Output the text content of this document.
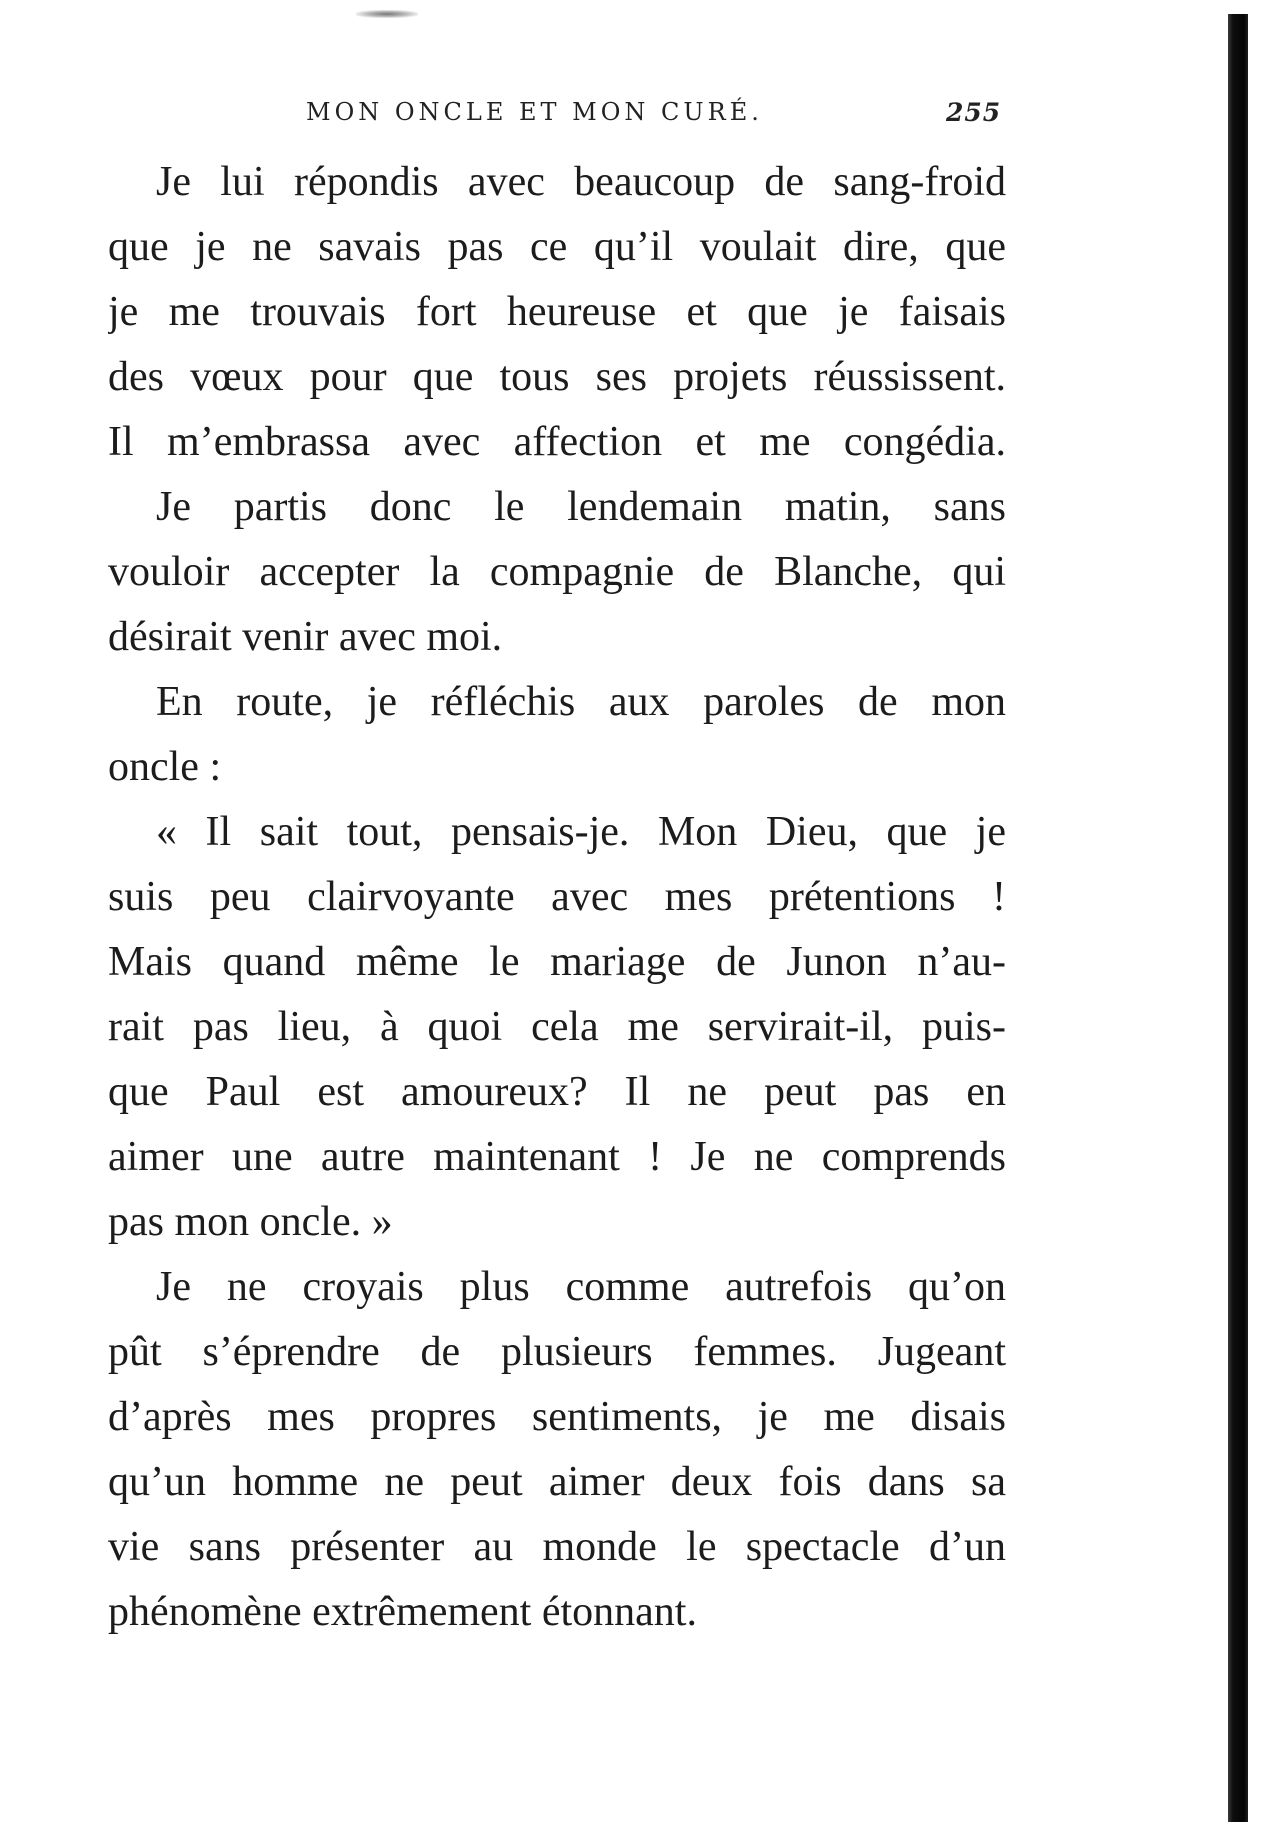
MON ONCLE ET MON CURÉ.	255
Je lui répondis avec beaucoup de sang-froid
que je ne savais pas ce qu’il voulait dire, que
je me trouvais fort heureuse et que je faisais
des vœux pour que tous ses projets réussissent.
Il m’embrassa avec affection et me congédia.
Je partis donc le lendemain matin, sans
vouloir accepter la compagnie de Blanche, qui
désirait venir avec moi.
En route, je réfléchis aux paroles de mon
oncle :
« Il sait tout, pensais-je. Mon Dieu, que je
suis peu clairvoyante avec mes prétentions !
Mais quand même le mariage de Junon n’au-
rait pas lieu, à quoi cela me servirait-il, puis-
que Paul est amoureux? Il ne peut pas en
aimer une autre maintenant ! Je ne comprends
pas mon oncle. »
Je ne croyais plus comme autrefois qu’on
pût s’éprendre de plusieurs femmes. Jugeant
d’après mes propres sentiments, je me disais
qu’un homme ne peut aimer deux fois dans sa
vie sans présenter au monde le spectacle d’un
phénomène extrêmement étonnant.
